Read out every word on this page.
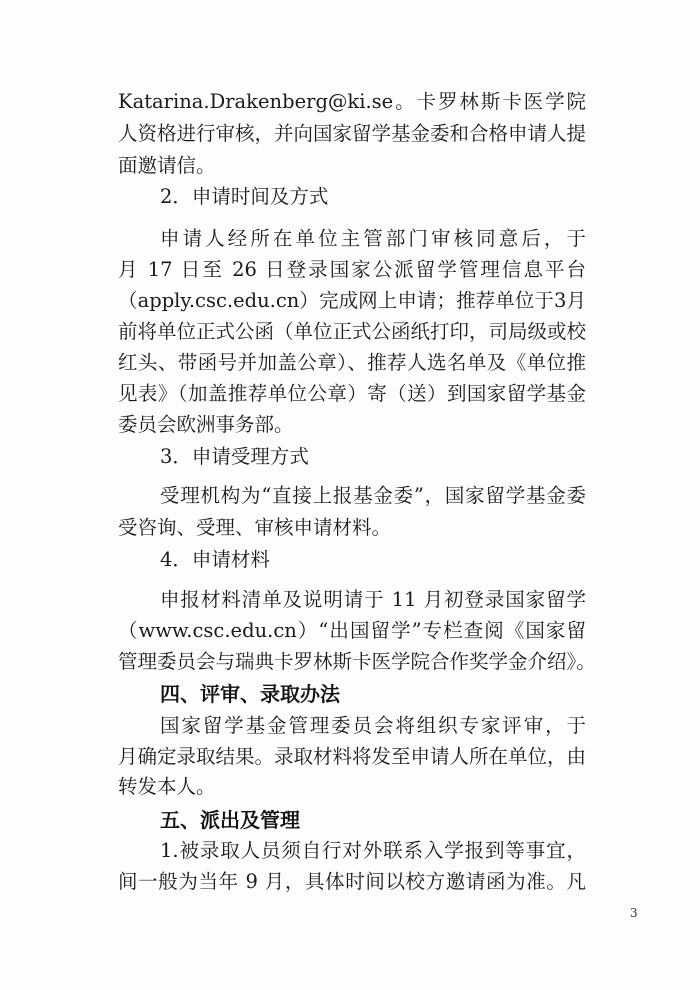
Katarina.Drakenberg@ki.se。卡罗林斯卡医学院
人资格进行审核，并向国家留学基金委和合格申请人提
面邀请信。
2．申请时间及方式
申请人经所在单位主管部门审核同意后，于
月 17 日至 26 日登录国家公派留学管理信息平台
（apply.csc.edu.cn）完成网上申请；推荐单位于3月
前将单位正式公函（单位正式公函纸打印，司局级或校
红头、带函号并加盖公章）、推荐人选名单及《单位推
见表》（加盖推荐单位公章）寄（送）到国家留学基金
委员会欧洲事务部。
3．申请受理方式
受理机构为“直接上报基金委”，国家留学基金委
受咨询、受理、审核申请材料。
4．申请材料
申报材料清单及说明请于 11 月初登录国家留学
（www.csc.edu.cn）“出国留学”专栏查阅《国家留
管理委员会与瑞典卡罗林斯卡医学院合作奖学金介绍》。
四、评审、录取办法
国家留学基金管理委员会将组织专家评审，于
月确定录取结果。录取材料将发至申请人所在单位，由
转发本人。
五、派出及管理
1.被录取人员须自行对外联系入学报到等事宜，
间一般为当年 9 月，具体时间以校方邀请函为准。凡
3
